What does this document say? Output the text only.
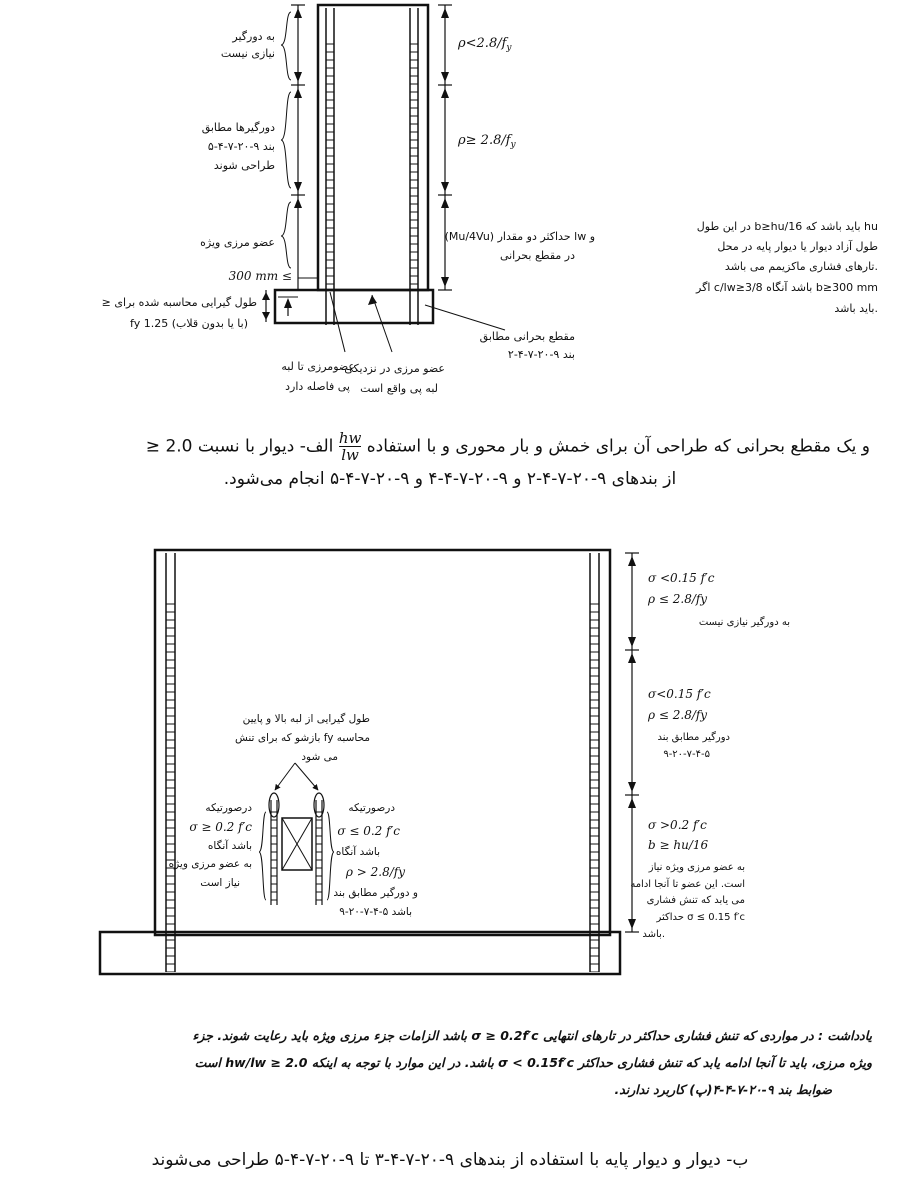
$\rho<2.8/f_y$
$\rho\ge 2.8/f_y$
(Mu/4Vu) حداکثر دو مقدار lw و
در مقطع بحرانی
در این طول b≥hu/16 باید باشد که hu
طول آزاد دیوار یا دیوار پایه در محل
تارهای فشاری ماکزیمم می باشد.
اگر c/lw≥3/8 باشد آنگاه b≥300 mm
باید باشد.
به دورگیر
نیازی نیست
دورگیرها مطابق
بند ۹-۲۰-۷-۴-۵
طراحی شوند
عضو مرزی ویژه
300 mm ≤
≥ طول گیرایی محاسبه شده برای
fy 1.25 (با یا بدون قلاب)
مقطع بحرانی مطابق
بند ۹-۲۰-۷-۴-۲
عضومرزی تا لبه
پی فاصله دارد
عضو مرزی در نزدیکی
لبه پی واقع است
σ <0.15 f′c
ρ ≤ 2.8/fy
به دورگیر نیازی نیست
σ<0.15 f′c
ρ ≤ 2.8/fy
دورگیر مطابق بند
۹-۲۰-۷-۴-۵
σ >0.2 f′c
b ≥ hu/16
به عضو مرزی ویژه نیاز
است. این عضو تا آنجا ادامه
می یابد که تنش فشاری
حداکثر σ ≤ 0.15 f′c
باشد.
طول گیرایی از لبه بالا و پایین
بازشو که برای تنش fy محاسبه
می شود
درصورتیکه
σ ≥ 0.2 f′c
باشد آنگاه
به عضو مرزی ویژه
نیاز است
درصورتیکه
σ ≤ 0.2 f′c
باشد آنگاه
ρ > 2.8/fy
و دورگیر مطابق بند
۹-۲۰-۷-۴-۵ باشد
و یک مقطع بحرانی که طراحی آن برای خمش و بار محوری و با استفاده
$\frac{hw}{lw}$
الف- دیوار با نسبت 2.0 ≤
از بندهای ۹-۲۰-۷-۴-۲ و ۹-۲۰-۷-۴-۴ و ۹-۲۰-۷-۴-۵ انجام می‌شود.
یادداشت : در مواردی که تنش فشاری حداکثر در تارهای انتهایی σ ≥ 0.2f′c باشد الزامات جزء مرزی ویژه باید رعایت شوند. جزء
ویژه مرزی، باید تا آنجا ادامه یابد که تنش فشاری حداکثر σ < 0.15f′c باشد. در این موارد با توجه به اینکه 2.0 ≤ hw/lw است
ضوابط بند ۹-۲۰-۷-۴-۴(پ) کاربرد ندارند.
ب- دیوار و دیوار پایه با استفاده از بندهای ۹-۲۰-۷-۴-۳ تا ۹-۲۰-۷-۴-۵ طراحی می‌شوند
